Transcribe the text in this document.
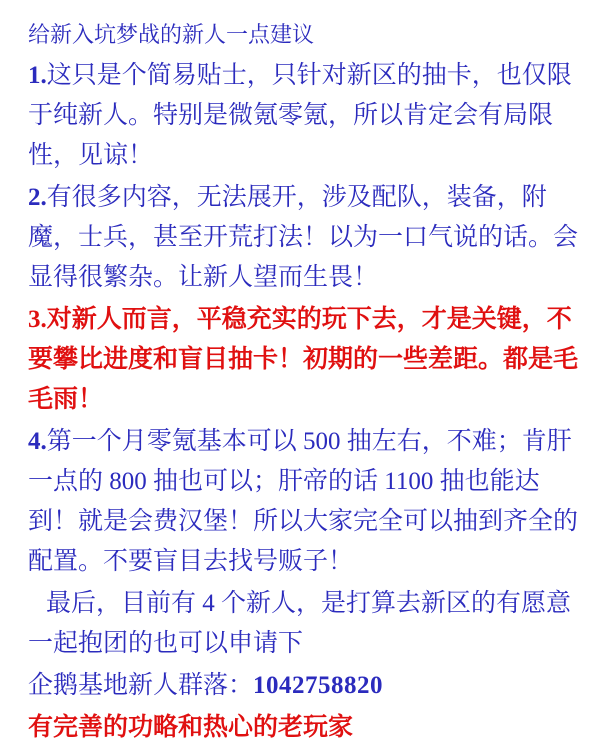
给新入坑梦战的新人一点建议

1.这只是个简易贴士，只针对新区的抽卡，也仅限于纯新人。特别是微氪零氪，所以肯定会有局限性，见谅！

2.有很多内容，无法展开，涉及配队，装备，附魔，士兵，甚至开荒打法！以为一口气说的话。会显得很繁杂。让新人望而生畏！

3.对新人而言，平稳充实的玩下去，才是关键，不要攀比进度和盲目抽卡！初期的一些差距。都是毛毛雨！

4.第一个月零氪基本可以 500 抽左右，不难；肯肝一点的 800 抽也可以；肝帝的话 1100 抽也能达到！就是会费汉堡！所以大家完全可以抽到齐全的配置。不要盲目去找号贩子！

最后，目前有 4 个新人，是打算去新区的有愿意一起抱团的也可以申请下

企鹅基地新人群落：1042758820

有完善的功略和热心的老玩家
